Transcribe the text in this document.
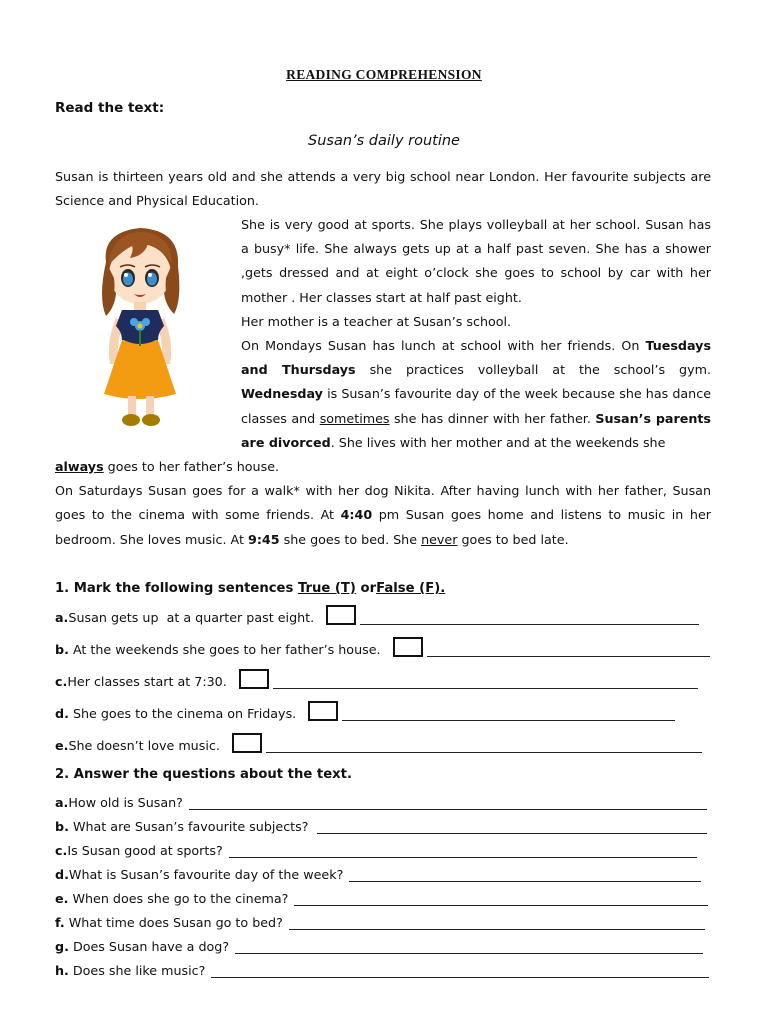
READING COMPREHENSION
Read the text:
Susan’s daily routine

Susan is thirteen years old and she attends a very big school near London. Her favourite subjects are Science and Physical Education.

She is very good at sports. She plays volleyball at her school. Susan has a busy* life. She always gets up at a half past seven. She has a shower ,gets dressed and at eight o’clock she goes to school by car with her mother . Her classes start at half past eight.
Her mother is a teacher at Susan’s school.
On Mondays Susan has lunch at school with her friends. On Tuesdays and Thursdays she practices volleyball at the school’s gym. Wednesday is Susan’s favourite day of the week because she has dance classes and sometimes she has dinner with her father. Susan’s parents are divorced. She lives with her mother and at the weekends she

always goes to her father’s house.
On Saturdays Susan goes for a walk* with her dog Nikita. After having lunch with her father, Susan goes to the cinema with some friends. At 4:40 pm Susan goes home and listens to music in her bedroom. She loves music. At 9:45 she goes to bed. She never goes to bed late.

1. Mark the following sentences True (T) orFalse (F).
a.Susan gets up  at a quarter past eight.
b. At the weekends she goes to her father’s house.
c.Her classes start at 7:30.
d. She goes to the cinema on Fridays.
e.She doesn’t love music.
2. Answer the questions about the text.
a.How old is Susan?
b. What are Susan’s favourite subjects?
c.Is Susan good at sports?
d.What is Susan’s favourite day of the week?
e. When does she go to the cinema?
f. What time does Susan go to bed?
g. Does Susan have a dog?
h. Does she like music?
